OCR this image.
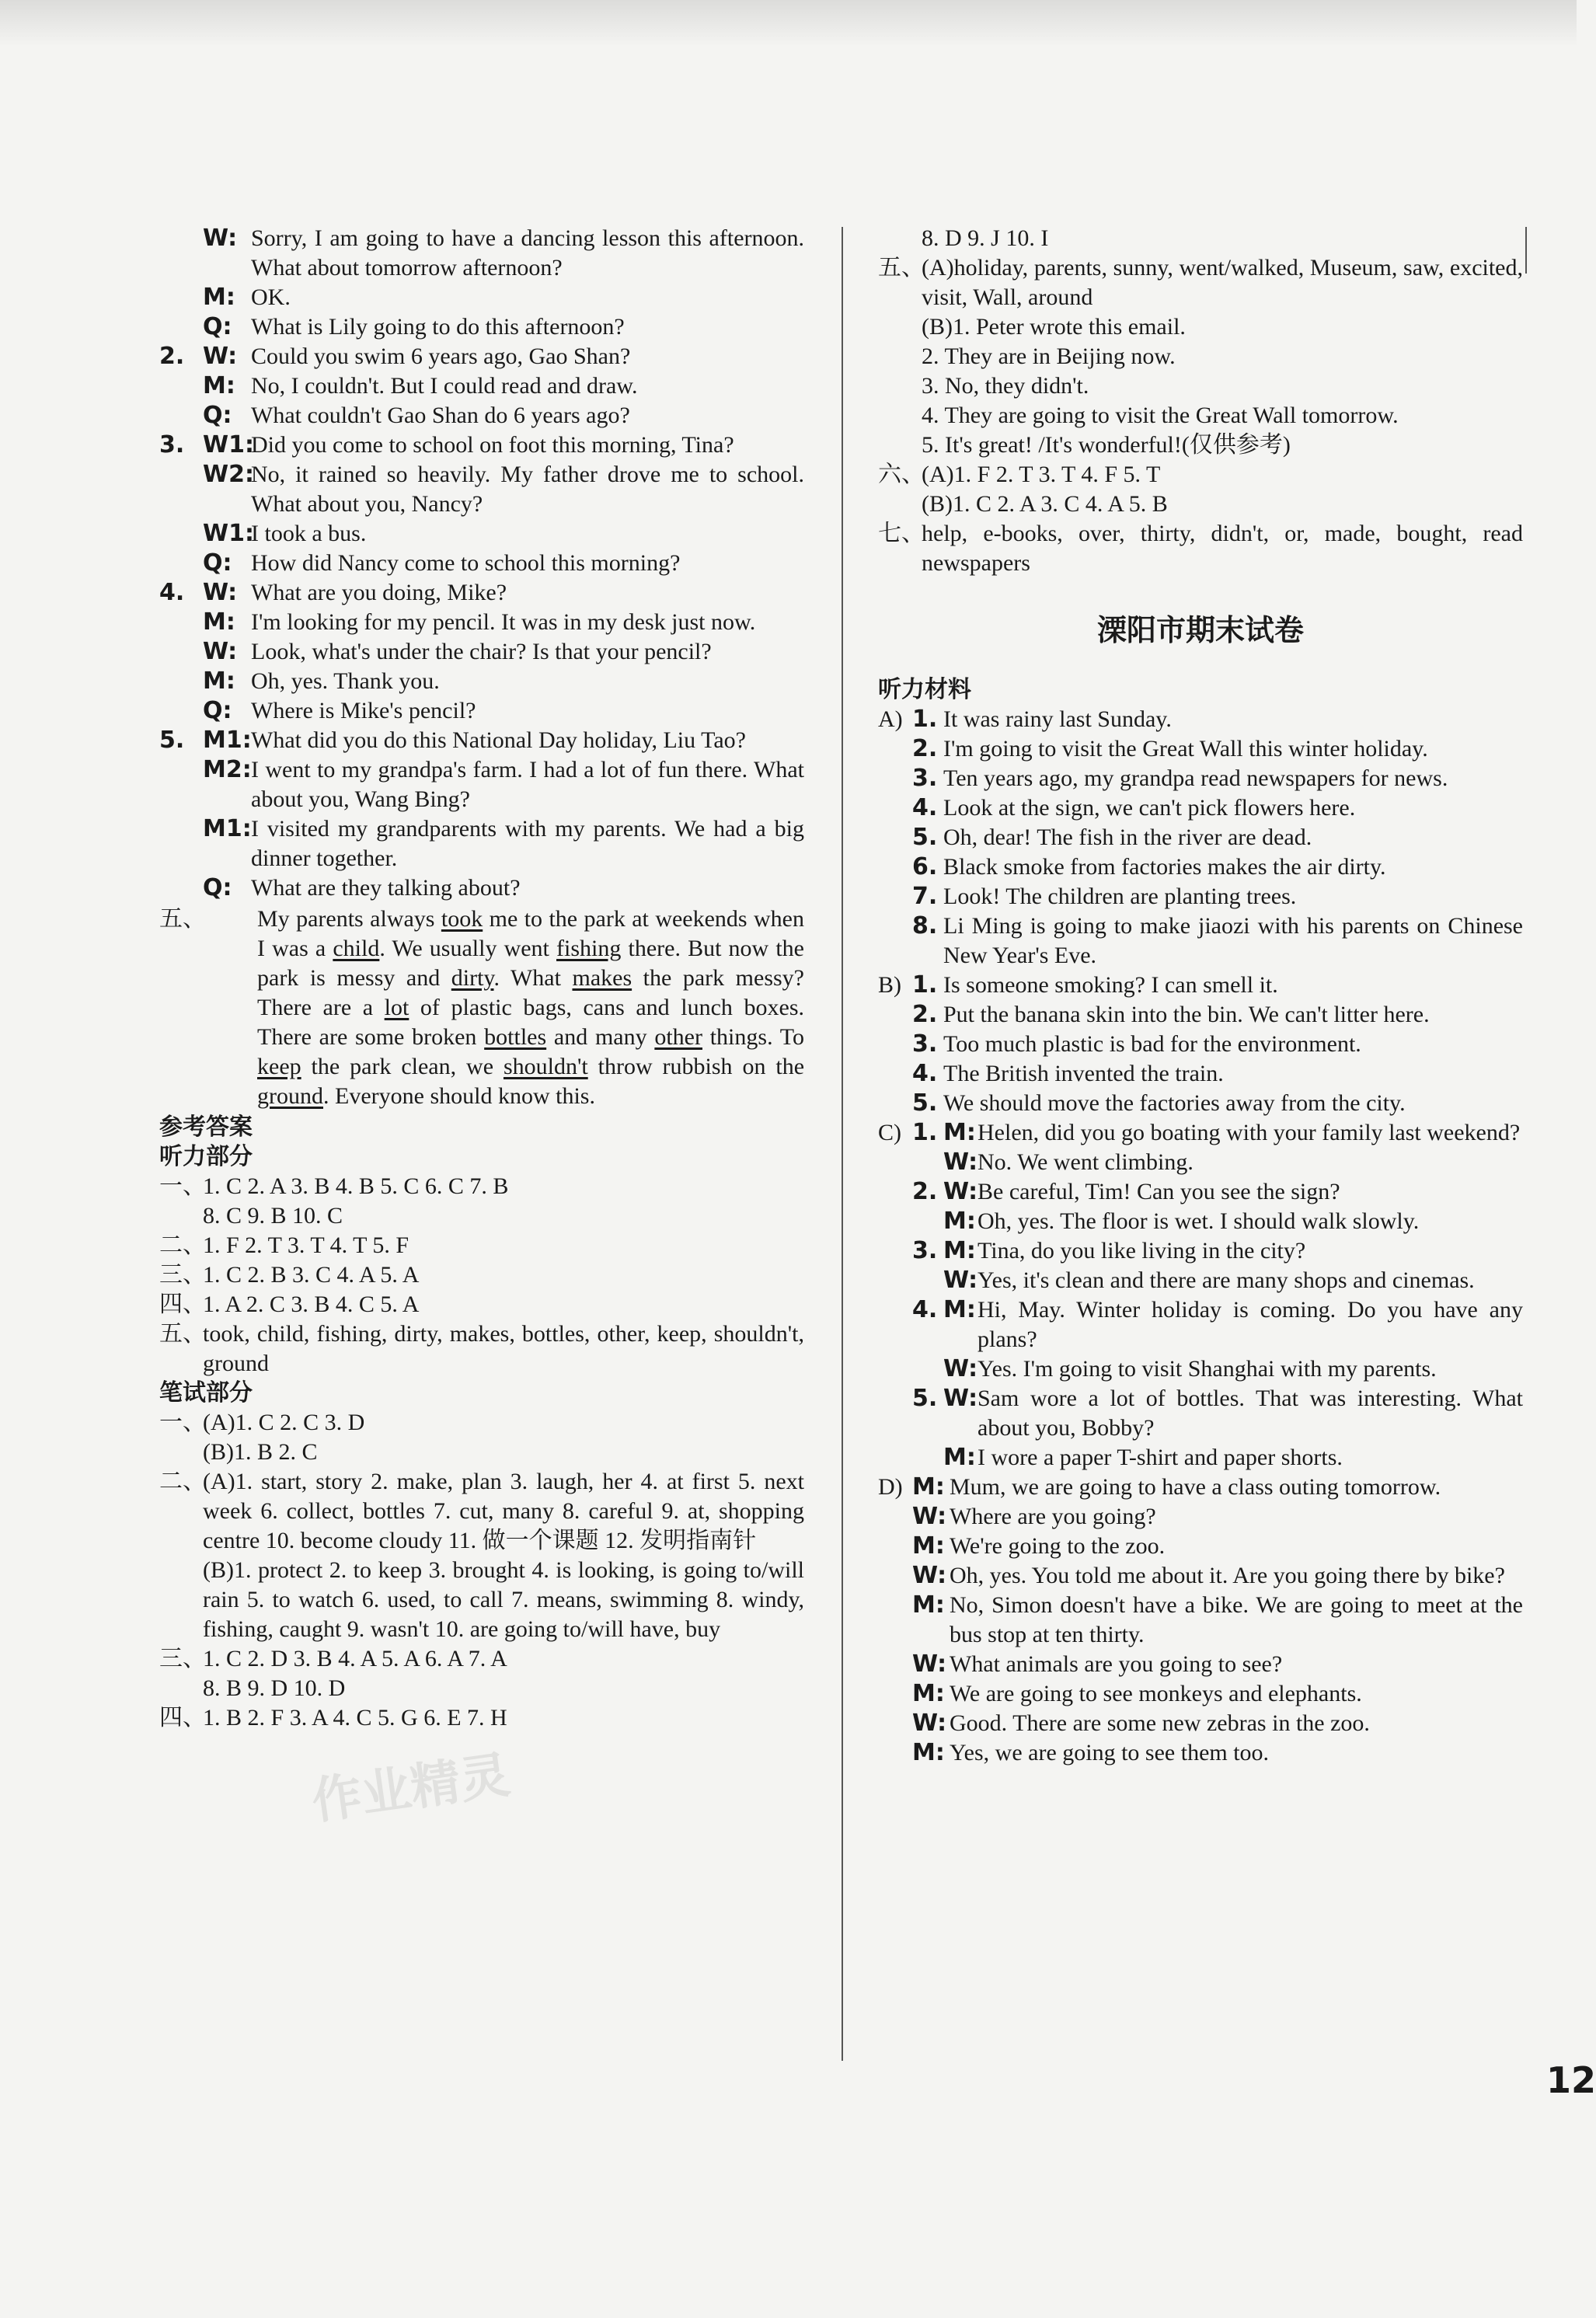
W: Sorry, I am going to have a dancing lesson this afternoon. What about tomorrow afternoon?
M: OK.
Q: What is Lily going to do this afternoon?
2. W: Could you swim 6 years ago, Gao Shan?
M: No, I couldn't. But I could read and draw.
Q: What couldn't Gao Shan do 6 years ago?
3. W1:
Did you come to school on foot this morning, Tina?
W2:
No, it rained so heavily. My father drove me to school. What about you, Nancy?
W1:
I took a bus.
Q: How did Nancy come to school this morning?
4. W: What are you doing, Mike?
M: I'm looking for my pencil. It was in my desk just now.
W: Look, what's under the chair? Is that your pencil?
M: Oh, yes. Thank you.
Q: Where is Mike's pencil?
5. M1: What did you do this National Day holiday, Liu Tao?
M2: I went to my grandpa's farm. I had a lot of fun there. What about you, Wang Bing?
M1: I visited my grandparents with my parents. We had a big dinner together.
Q: What are they talking about?
五、	My parents always took me to the park at weekends when I was a child. We usually went fishing there. But now the park is messy and dirty. What makes the park messy? There are a lot of plastic bags, cans and lunch boxes. There are some broken bottles and many other things. To keep the park clean, we shouldn't throw rubbish on the ground. Everyone should know this.
参考答案
听力部分
一、
1. C 2. A 3. B 4. B 5. C 6. C 7. B
8. C 9. B 10. C
二、
1. F 2. T 3. T 4. T 5. F
三、
1. C 2. B 3. C 4. A 5. A
四、
1. A 2. C 3. B 4. C 5. A
五、
took, child, fishing, dirty, makes, bottles, other, keep, shouldn't, ground
笔试部分
一、
(A)1. C 2. C 3. D
(B)1. B 2. C
二、
(A)1. start, story 2. make, plan 3. laugh, her 4. at first 5. next week 6. collect, bottles 7. cut, many 8. careful 9. at, shopping centre 10. become cloudy 11. 做一个课题 12. 发明指南针
(B)1. protect 2. to keep 3. brought 4. is looking, is going to/will rain 5. to watch 6. used, to call 7. means, swimming 8. windy, fishing, caught 9. wasn't 10. are going to/will have, buy
三、
1. C 2. D 3. B 4. A 5. A 6. A 7. A
8. B 9. D 10. D
四、
1. B 2. F 3. A 4. C 5. G 6. E 7. H
8. D 9. J 10. I
五、
(A)holiday, parents, sunny, went/walked, Museum, saw, excited, visit, Wall, around
(B)1. Peter wrote this email.
2. They are in Beijing now.
3. No, they didn't.
4. They are going to visit the Great Wall tomorrow.
5. It's great! /It's wonderful!(仅供参考)
六、
(A)1. F 2. T 3. T 4. F 5. T
(B)1. C 2. A 3. C 4. A 5. B
七、
help, e-books, over, thirty, didn't, or, made, bought, read newspapers
溧阳市期末试卷
听力材料
A) 1. It was rainy last Sunday.
2. I'm going to visit the Great Wall this winter holiday.
3. Ten years ago, my grandpa read newspapers for news.
4. Look at the sign, we can't pick flowers here.
5. Oh, dear! The fish in the river are dead.
6. Black smoke from factories makes the air dirty.
7. Look! The children are planting trees.
8. Li Ming is going to make jiaozi with his parents on Chinese New Year's Eve.
B) 1. Is someone smoking? I can smell it.
2. Put the banana skin into the bin. We can't litter here.
3. Too much plastic is bad for the environment.
4. The British invented the train.
5. We should move the factories away from the city.
C) 1. M: Helen, did you go boating with your family last weekend?
W: No. We went climbing.
2. W: Be careful, Tim! Can you see the sign?
M: Oh, yes. The floor is wet. I should walk slowly.
3. M: Tina, do you like living in the city?
W: Yes, it's clean and there are many shops and cinemas.
4. M: Hi, May. Winter holiday is coming. Do you have any plans?
W: Yes. I'm going to visit Shanghai with my parents.
5. W: Sam wore a lot of bottles. That was interesting. What about you, Bobby?
M: I wore a paper T-shirt and paper shorts.
D) M: Mum, we are going to have a class outing tomorrow.
W: Where are you going?
M: We're going to the zoo.
W: Oh, yes. You told me about it. Are you going there by bike?
M: No, Simon doesn't have a bike. We are going to meet at the bus stop at ten thirty.
W: What animals are you going to see?
M: We are going to see monkeys and elephants.
W: Good. There are some new zebras in the zoo.
M: Yes, we are going to see them too.
作业精灵
12
